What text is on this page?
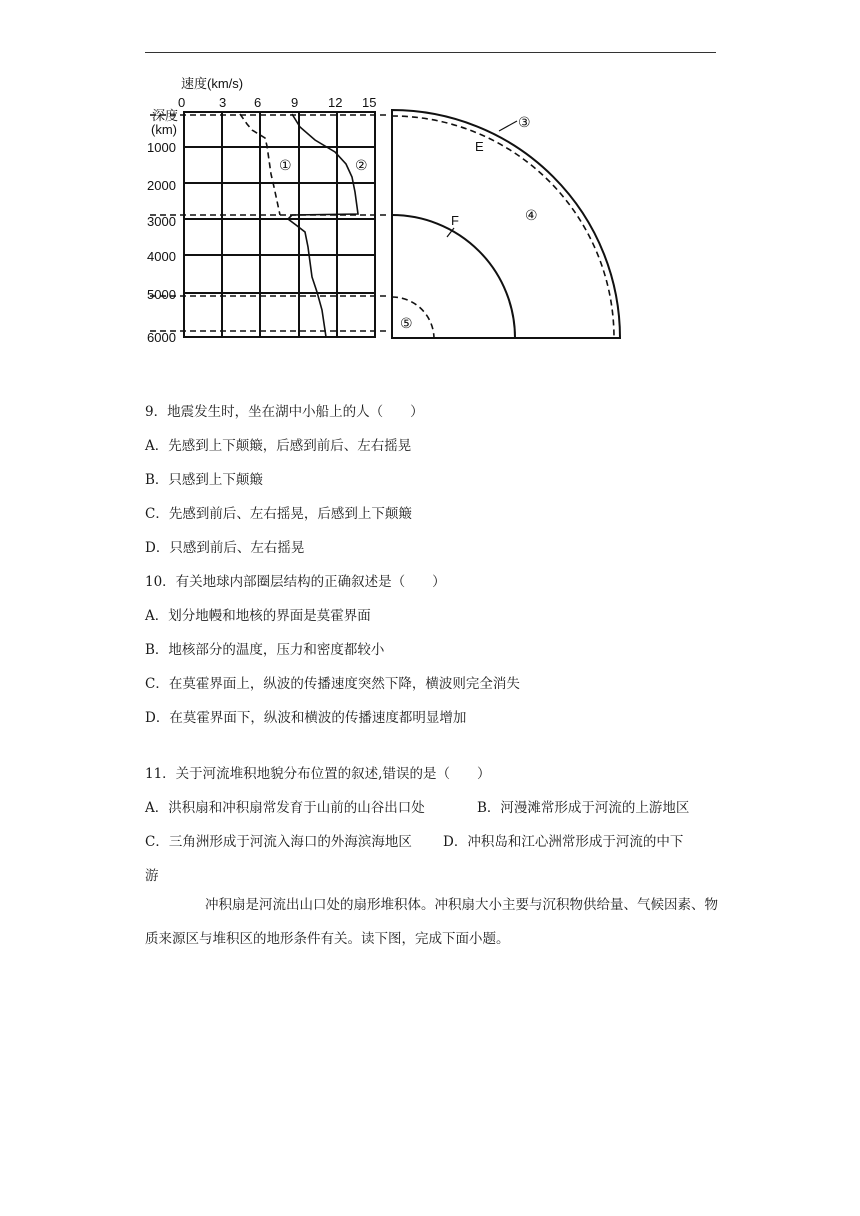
速度(km/s)
0	3 6 9 12 15
深度
(km)
1000
2000
3000
4000
5000
6000
①	②
③
④
⑤
E
F
9．地震发生时，坐在湖中小船上的人（　　）
A．先感到上下颠簸，后感到前后、左右摇晃
B．只感到上下颠簸
C．先感到前后、左右摇晃，后感到上下颠簸
D．只感到前后、左右摇晃
10．有关地球内部圈层结构的正确叙述是（　　）
A．划分地幔和地核的界面是莫霍界面
B．地核部分的温度，压力和密度都较小
C．在莫霍界面上，纵波的传播速度突然下降，横波则完全消失
D．在莫霍界面下，纵波和横波的传播速度都明显增加
11．关于河流堆积地貌分布位置的叙述,错误的是（　　）
A．洪积扇和冲积扇常发育于山前的山谷出口处	B．河漫滩常形成于河流的上游地区
C．三角洲形成于河流入海口的外海滨海地区 D．冲积岛和江心洲常形成于河流的中下
游
冲积扇是河流出山口处的扇形堆积体。冲积扇大小主要与沉积物供给量、气候因素、物质来源区与堆积区的地形条件有关。读下图，完成下面小题。
